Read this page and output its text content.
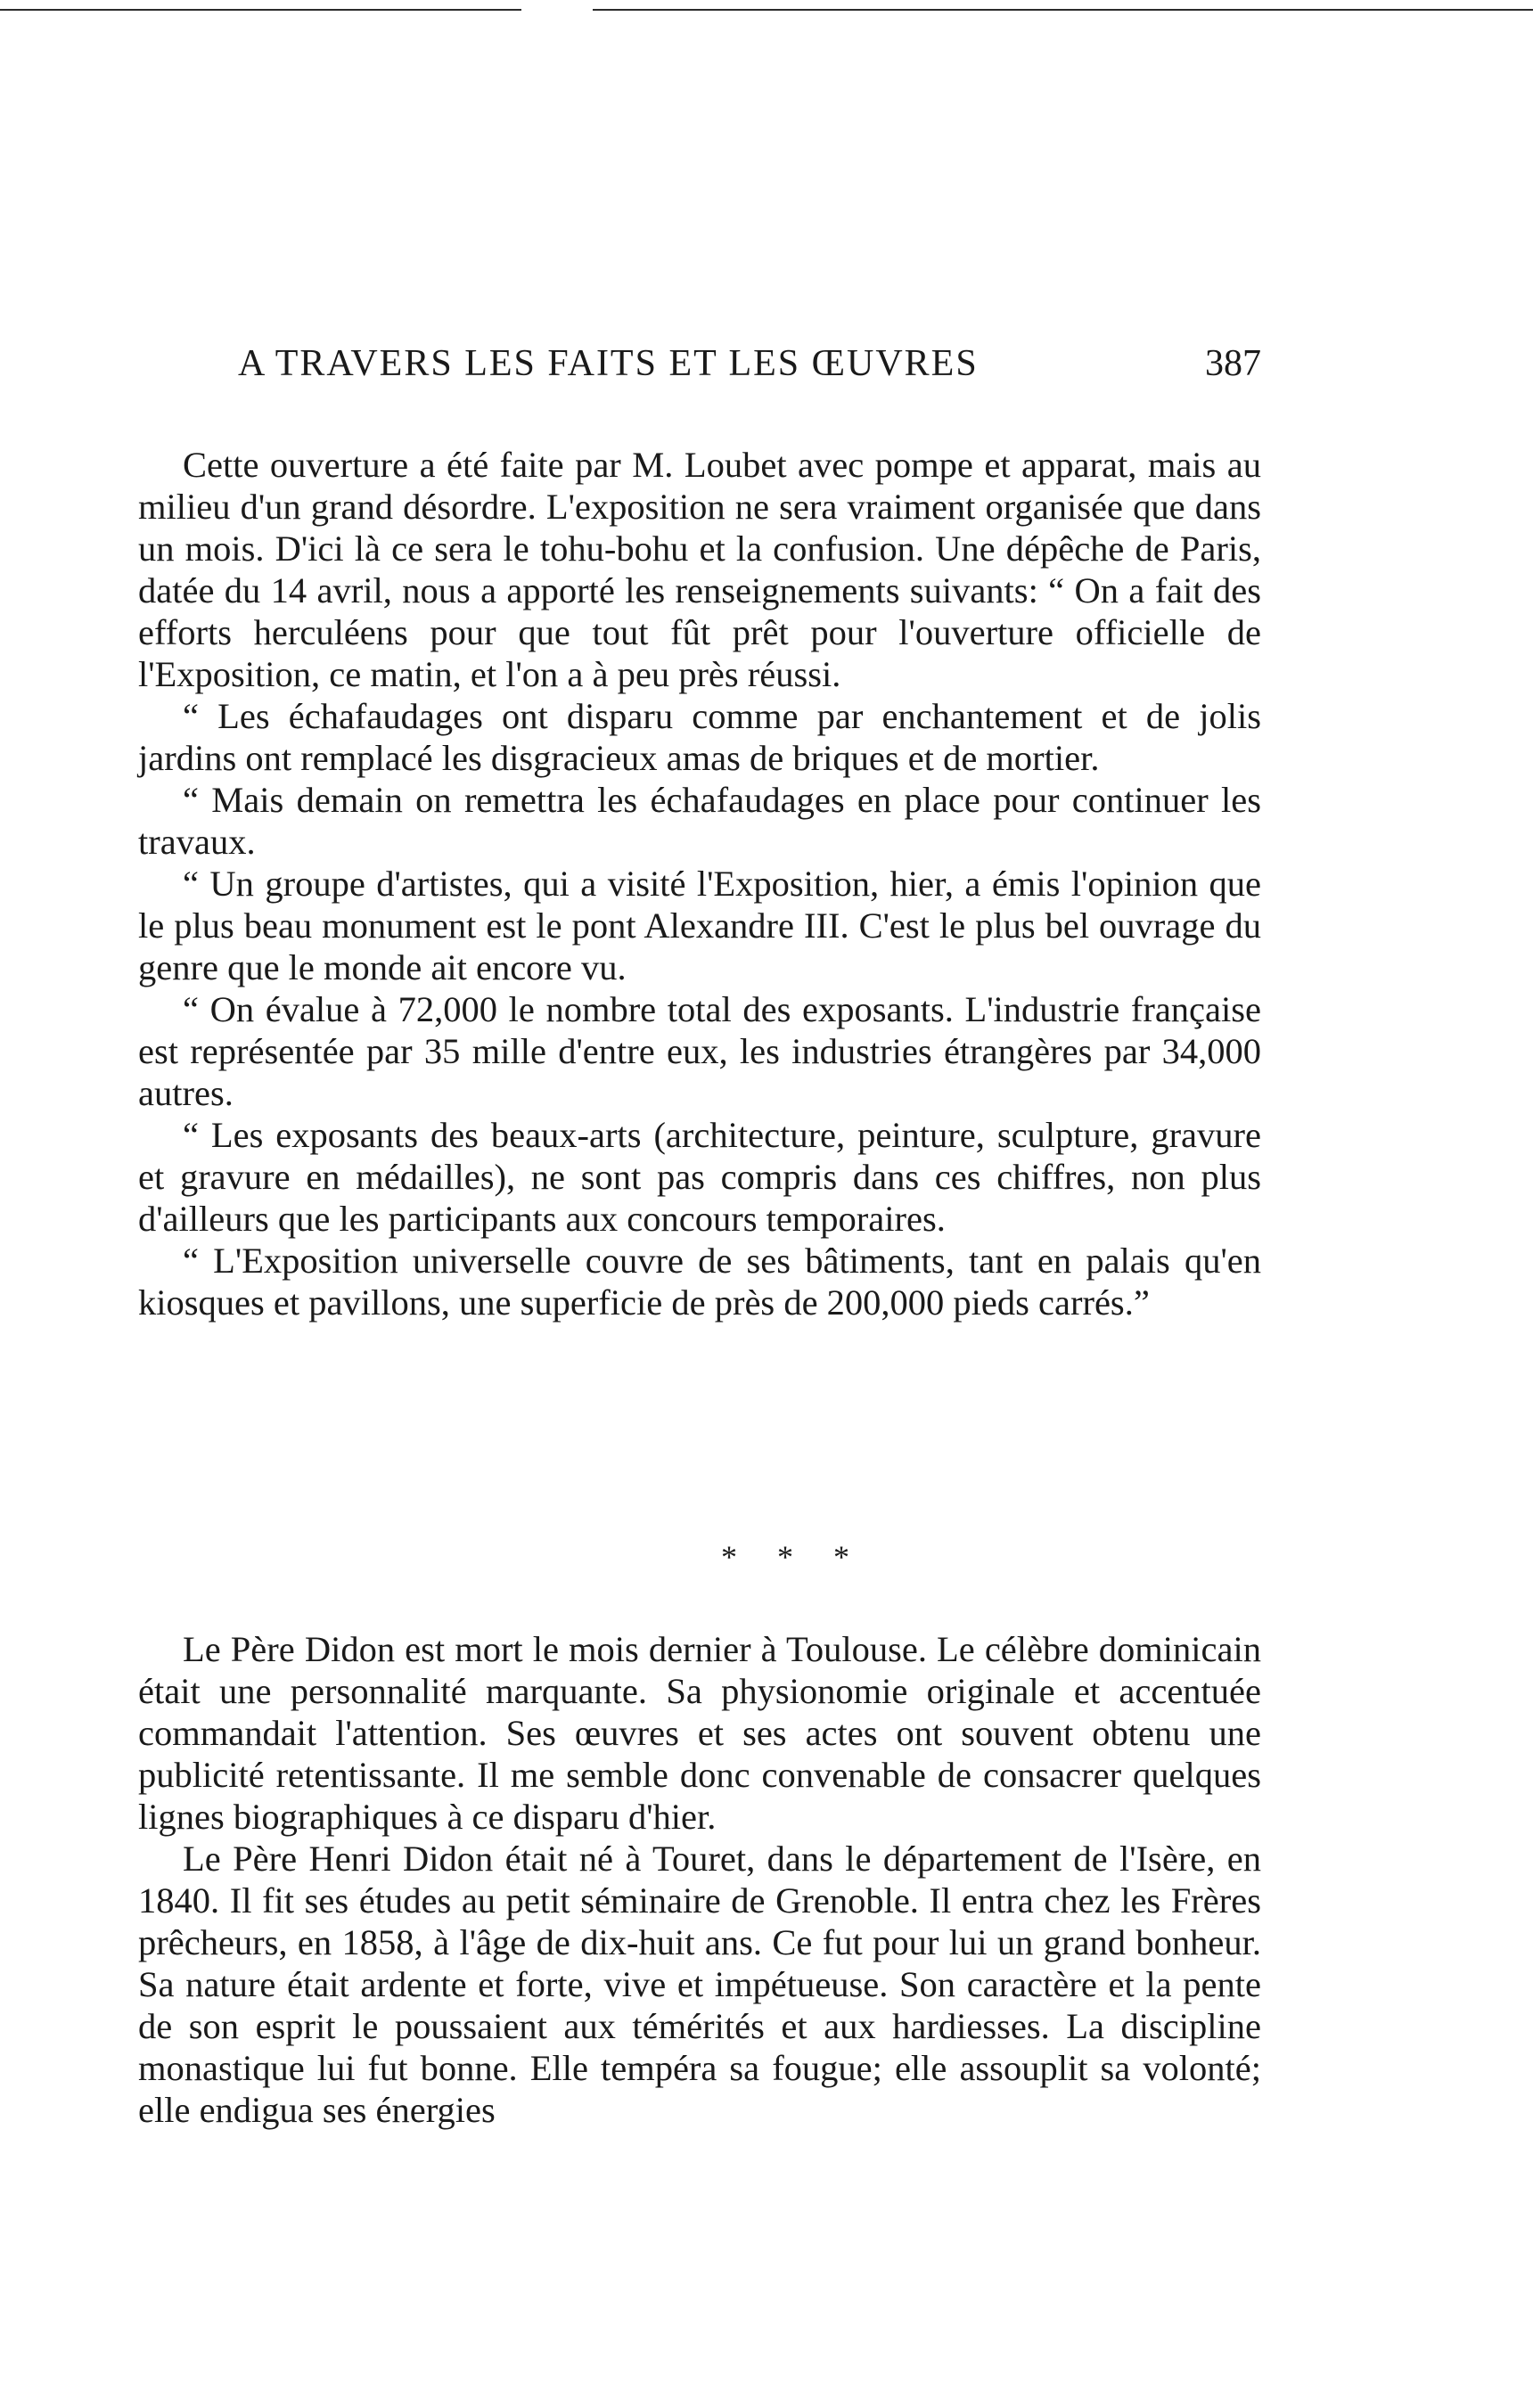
A TRAVERS LES FAITS ET LES ŒUVRES	387

Cette ouverture a été faite par M. Loubet avec pompe et apparat, mais au milieu d'un grand désordre. L'exposition ne sera vraiment organisée que dans un mois. D'ici là ce sera le tohu-bohu et la confusion. Une dépêche de Paris, datée du 14 avril, nous a apporté les renseignements suivants: “ On a fait des efforts herculéens pour que tout fût prêt pour l'ouverture officielle de l'Exposition, ce matin, et l'on a à peu près réussi.

“ Les échafaudages ont disparu comme par enchantement et de jolis jardins ont remplacé les disgracieux amas de briques et de mortier.

“ Mais demain on remettra les échafaudages en place pour continuer les travaux.

“ Un groupe d'artistes, qui a visité l'Exposition, hier, a émis l'opinion que le plus beau monument est le pont Alexandre III. C'est le plus bel ouvrage du genre que le monde ait encore vu.

“ On évalue à 72,000 le nombre total des exposants. L'industrie française est représentée par 35 mille d'entre eux, les industries étrangères par 34,000 autres.

“ Les exposants des beaux-arts (architecture, peinture, sculpture, gravure et gravure en médailles), ne sont pas compris dans ces chiffres, non plus d'ailleurs que les participants aux concours temporaires.

“ L'Exposition universelle couvre de ses bâtiments, tant en palais qu'en kiosques et pavillons, une superficie de près de 200,000 pieds carrés.”

* * *

Le Père Didon est mort le mois dernier à Toulouse. Le célèbre dominicain était une personnalité marquante. Sa physionomie originale et accentuée commandait l'attention. Ses œuvres et ses actes ont souvent obtenu une publicité retentissante. Il me semble donc convenable de consacrer quelques lignes biographiques à ce disparu d'hier.

Le Père Henri Didon était né à Touret, dans le département de l'Isère, en 1840. Il fit ses études au petit séminaire de Grenoble. Il entra chez les Frères prêcheurs, en 1858, à l'âge de dix-huit ans. Ce fut pour lui un grand bonheur. Sa nature était ardente et forte, vive et impétueuse. Son caractère et la pente de son esprit le poussaient aux témérités et aux hardiesses. La discipline monastique lui fut bonne. Elle tempéra sa fougue; elle assouplit sa volonté; elle endigua ses énergies
